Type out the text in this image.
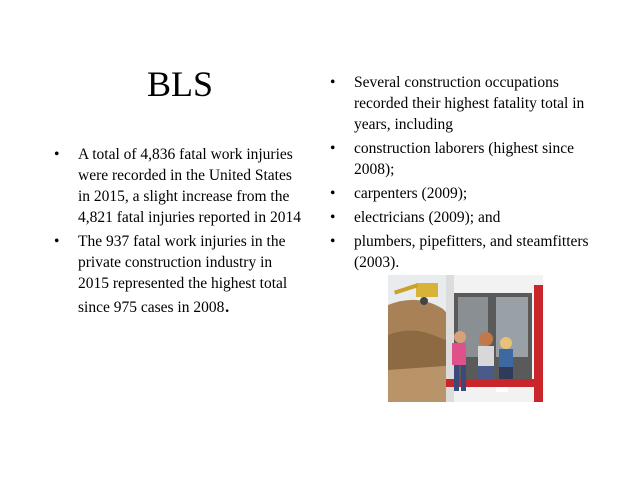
BLS
• A total of 4,836 fatal work injuries were recorded in the United States in 2015, a slight increase from the 4,821 fatal injuries reported in 2014
• The 937 fatal work injuries in the private construction industry in 2015 represented the highest total since 975 cases in 2008.
• Several construction occupations recorded their highest fatality total in years, including
• construction laborers (highest since 2008);
• carpenters (2009);
• electricians (2009); and
• plumbers, pipefitters, and steamfitters (2003).
